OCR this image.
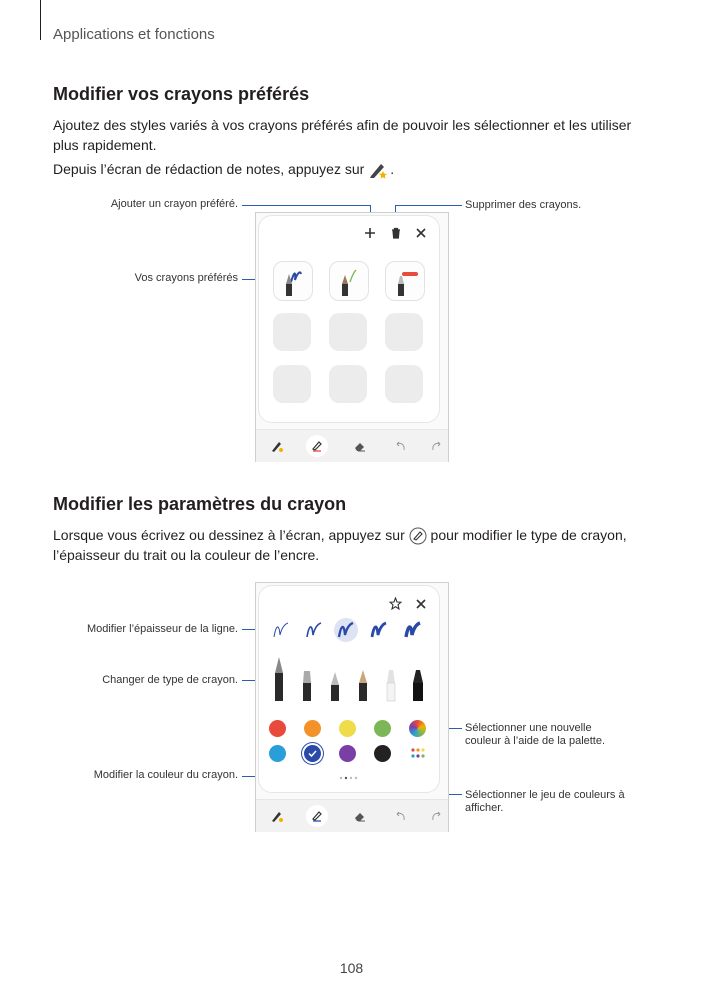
Applications et fonctions
Modifier vos crayons préférés

Ajoutez des styles variés à vos crayons préférés afin de pouvoir les sélectionner et les utiliser plus rapidement.

Depuis l’écran de rédaction de notes, appuyez sur .

Ajouter un crayon préféré.	Supprimer des crayons.
Vos crayons préférés
Modifier les paramètres du crayon

Lorsque vous écrivez ou dessinez à l’écran, appuyez sur pour modifier le type de crayon, l’épaisseur du trait ou la couleur de l’encre.

Modifier l’épaisseur de la ligne.
Changer de type de crayon.
Modifier la couleur du crayon.
Sélectionner une nouvelle
couleur à l’aide de la palette.
Sélectionner le jeu de couleurs à
afficher.
108
